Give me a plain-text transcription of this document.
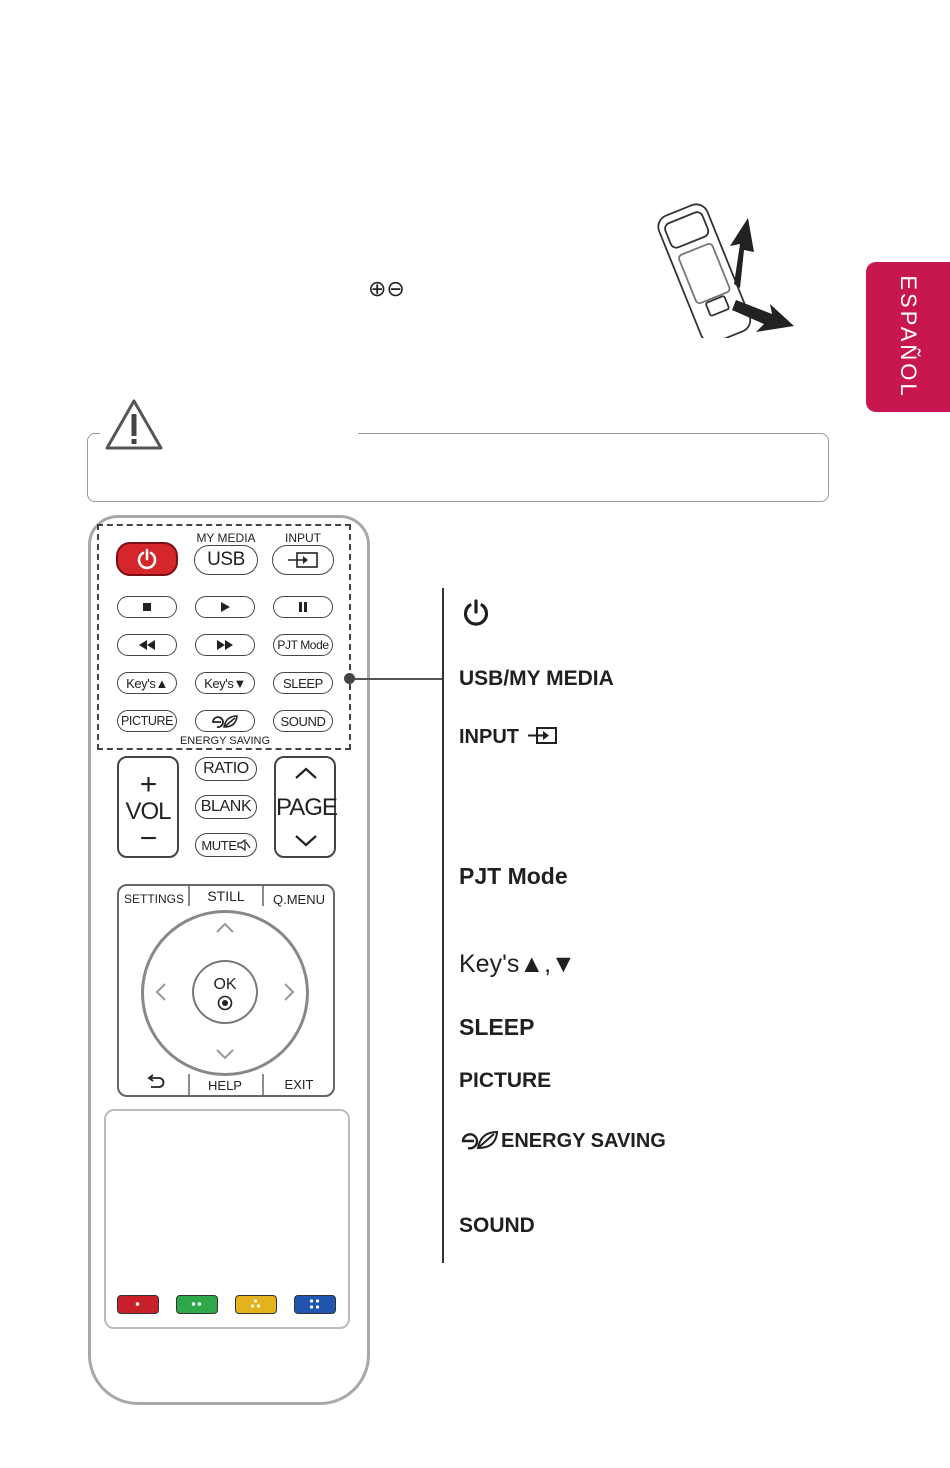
ESPAÑOL
⊕⊖
MY MEDIA	INPUT
USB
PJT Mode
Key's▲	Key's▼	SLEEP
PICTURE	SOUND
ENERGY SAVING
+
VOL
−
RATIO
BLANK
MUTE
PAGE
SETTINGS	STILL	Q.MENU
OK
HELP	EXIT
USB/MY MEDIA
INPUT
PJT Mode
Key's▲,▼
SLEEP
PICTURE
ENERGY SAVING
SOUND
